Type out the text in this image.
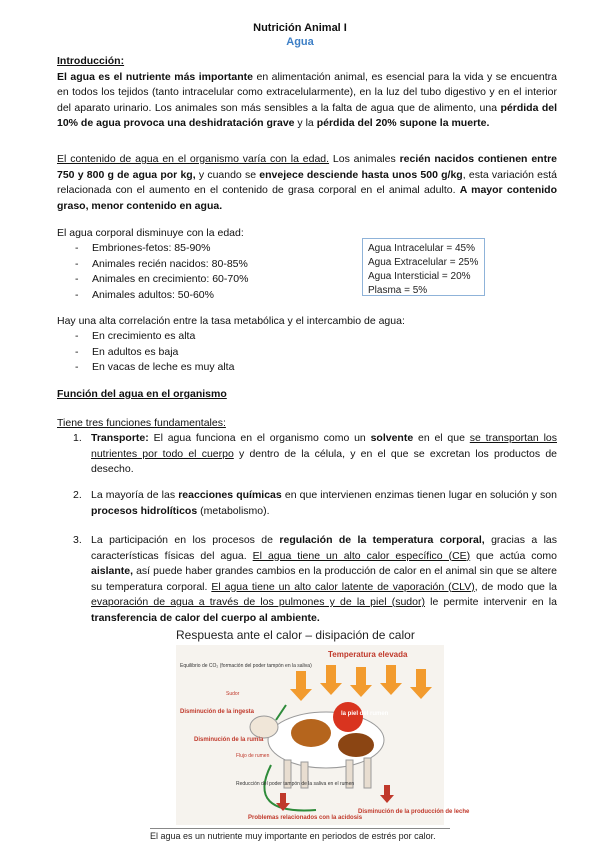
Nutrición Animal I
Agua
Introducción:
El agua es el nutriente más importante en alimentación animal, es esencial para la vida y se encuentra en todos los tejidos (tanto intracelular como extracelularmente), en la luz del tubo digestivo y en el interior del aparato urinario. Los animales son más sensibles a la falta de agua que de alimento, una pérdida del 10% de agua provoca una deshidratación grave y la pérdida del 20% supone la muerte.
El contenido de agua en el organismo varía con la edad. Los animales recién nacidos contienen entre 750 y 800 g de agua por kg, y cuando se envejece desciende hasta unos 500 g/kg, esta variación está relacionada con el aumento en el contenido de grasa corporal en el animal adulto. A mayor contenido graso, menor contenido en agua.
El agua corporal disminuye con la edad:
- Embriones-fetos: 85-90%
- Animales recién nacidos: 80-85%
- Animales en crecimiento: 60-70%
- Animales adultos: 50-60%
Agua Intracelular = 45%
Agua Extracelular = 25%
Agua Intersticial = 20%
Plasma = 5%
Hay una alta correlación entre la tasa metabólica y el intercambio de agua:
- En crecimiento es alta
- En adultos es baja
- En vacas de leche es muy alta
Función del agua en el organismo
Tiene tres funciones fundamentales:
1. Transporte: El agua funciona en el organismo como un solvente en el que se transportan los nutrientes por todo el cuerpo y dentro de la célula, y en el que se excretan los productos de desecho.
2. La mayoría de las reacciones químicas en que intervienen enzimas tienen lugar en solución y son procesos hidrolíticos (metabolismo).
3. La participación en los procesos de regulación de la temperatura corporal, gracias a las características físicas del agua. El agua tiene un alto calor específico (CE) que actúa como aislante, así puede haber grandes cambios en la producción de calor en el animal sin que se altere su temperatura corporal. El agua tiene un alto calor latente de vaporación (CLV), de modo que la evaporación de agua a través de los pulmones y de la piel (sudor) le permite intervenir en la transferencia de calor del cuerpo al ambiente.
Respuesta ante el calor – disipación de calor
Temperatura elevada
la piel del rumen
Equilibrio de CO₂ (formación del poder tampón en la saliva)
Sudor
Disminución de la ingesta
Disminución de la rumia
Flujo de rumen
Reducción del poder tampón de la saliva en el rumen
Problemas relacionados con la acidosis
Disminución de la producción de leche
El agua es un nutriente muy importante en periodos de estrés por calor.
